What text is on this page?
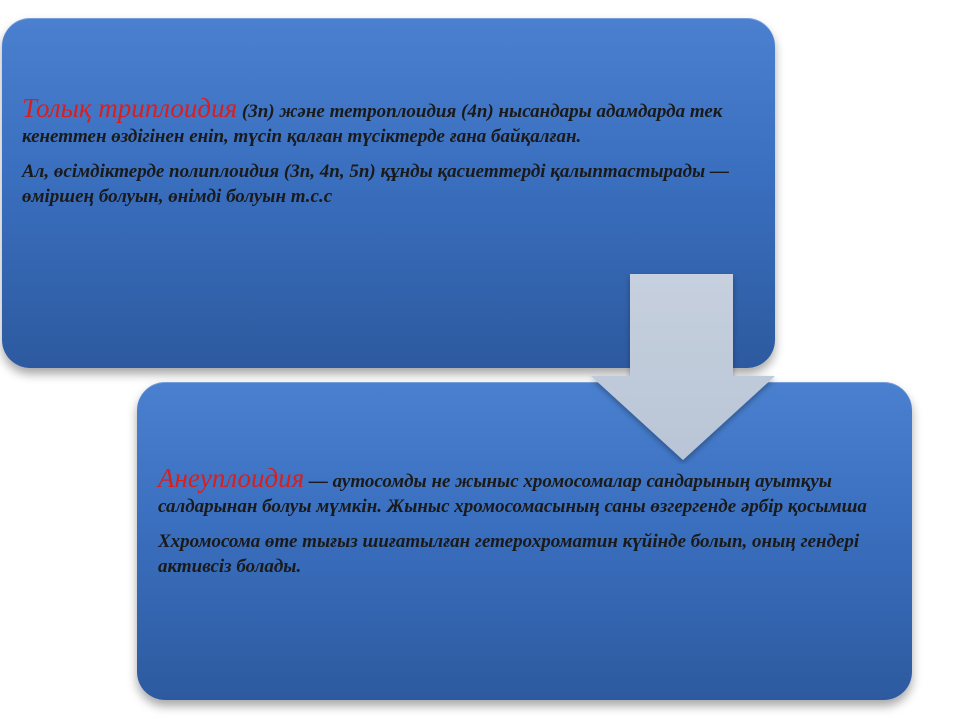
Толық триплоидия (3n) және тетроплоидия (4n) нысандары адамдарда тек кенеттен өздігінен еніп, түсіп қалған түсіктерде ғана байқалған.

Ал, өсімдіктерде полиплоидия (3n, 4n, 5n) құнды қасиеттерді қалыптастырады — өміршең болуын, өнімді болуын т.с.с

Анеуплоидия — аутосомды не жыныс хромосомалар сандарының ауытқуы салдарынан болуы мүмкін. Жыныс хромосомасының саны өзгергенде әрбір қосымша

Ххромосома өте тығыз шиғатылған гетерохроматин күйінде болып, оның гендері активсіз болады.
